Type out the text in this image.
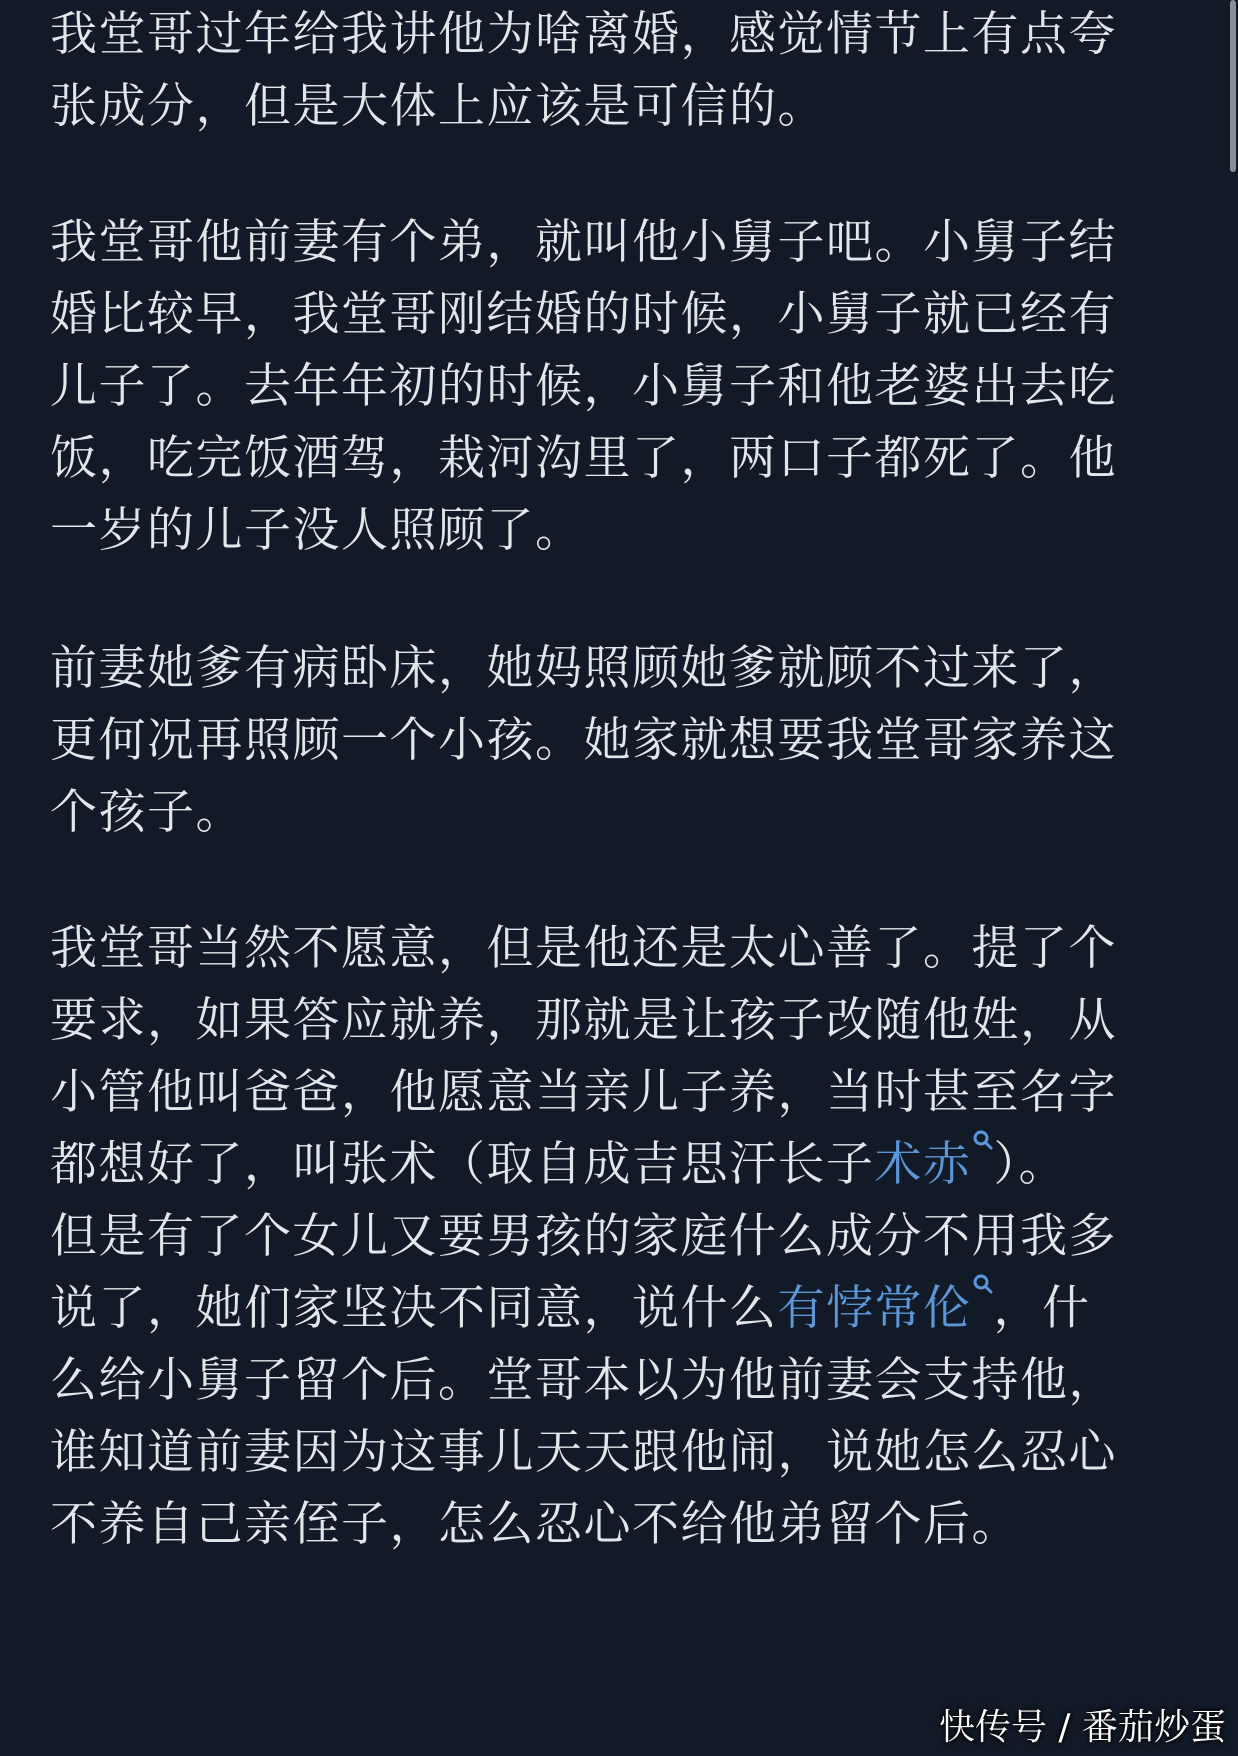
我堂哥过年给我讲他为啥离婚，感觉情节上有点夸
张成分，但是大体上应该是可信的。
我堂哥他前妻有个弟，就叫他小舅子吧。小舅子结
婚比较早，我堂哥刚结婚的时候，小舅子就已经有
儿子了。去年年初的时候，小舅子和他老婆出去吃
饭，吃完饭酒驾，栽河沟里了，两口子都死了。他
一岁的儿子没人照顾了。
前妻她爹有病卧床，她妈照顾她爹就顾不过来了，
更何况再照顾一个小孩。她家就想要我堂哥家养这
个孩子。
我堂哥当然不愿意，但是他还是太心善了。提了个
要求，如果答应就养，那就是让孩子改随他姓，从
小管他叫爸爸，他愿意当亲儿子养，当时甚至名字
都想好了，叫张术（取自成吉思汗长子术赤 ）。
但是有了个女儿又要男孩的家庭什么成分不用我多
说了，她们家坚决不同意，说什么有悖常伦 ，什
么给小舅子留个后。堂哥本以为他前妻会支持他，
谁知道前妻因为这事儿天天跟他闹，说她怎么忍心
不养自己亲侄子，怎么忍心不给他弟留个后。
快传号 / 番茄炒蛋
